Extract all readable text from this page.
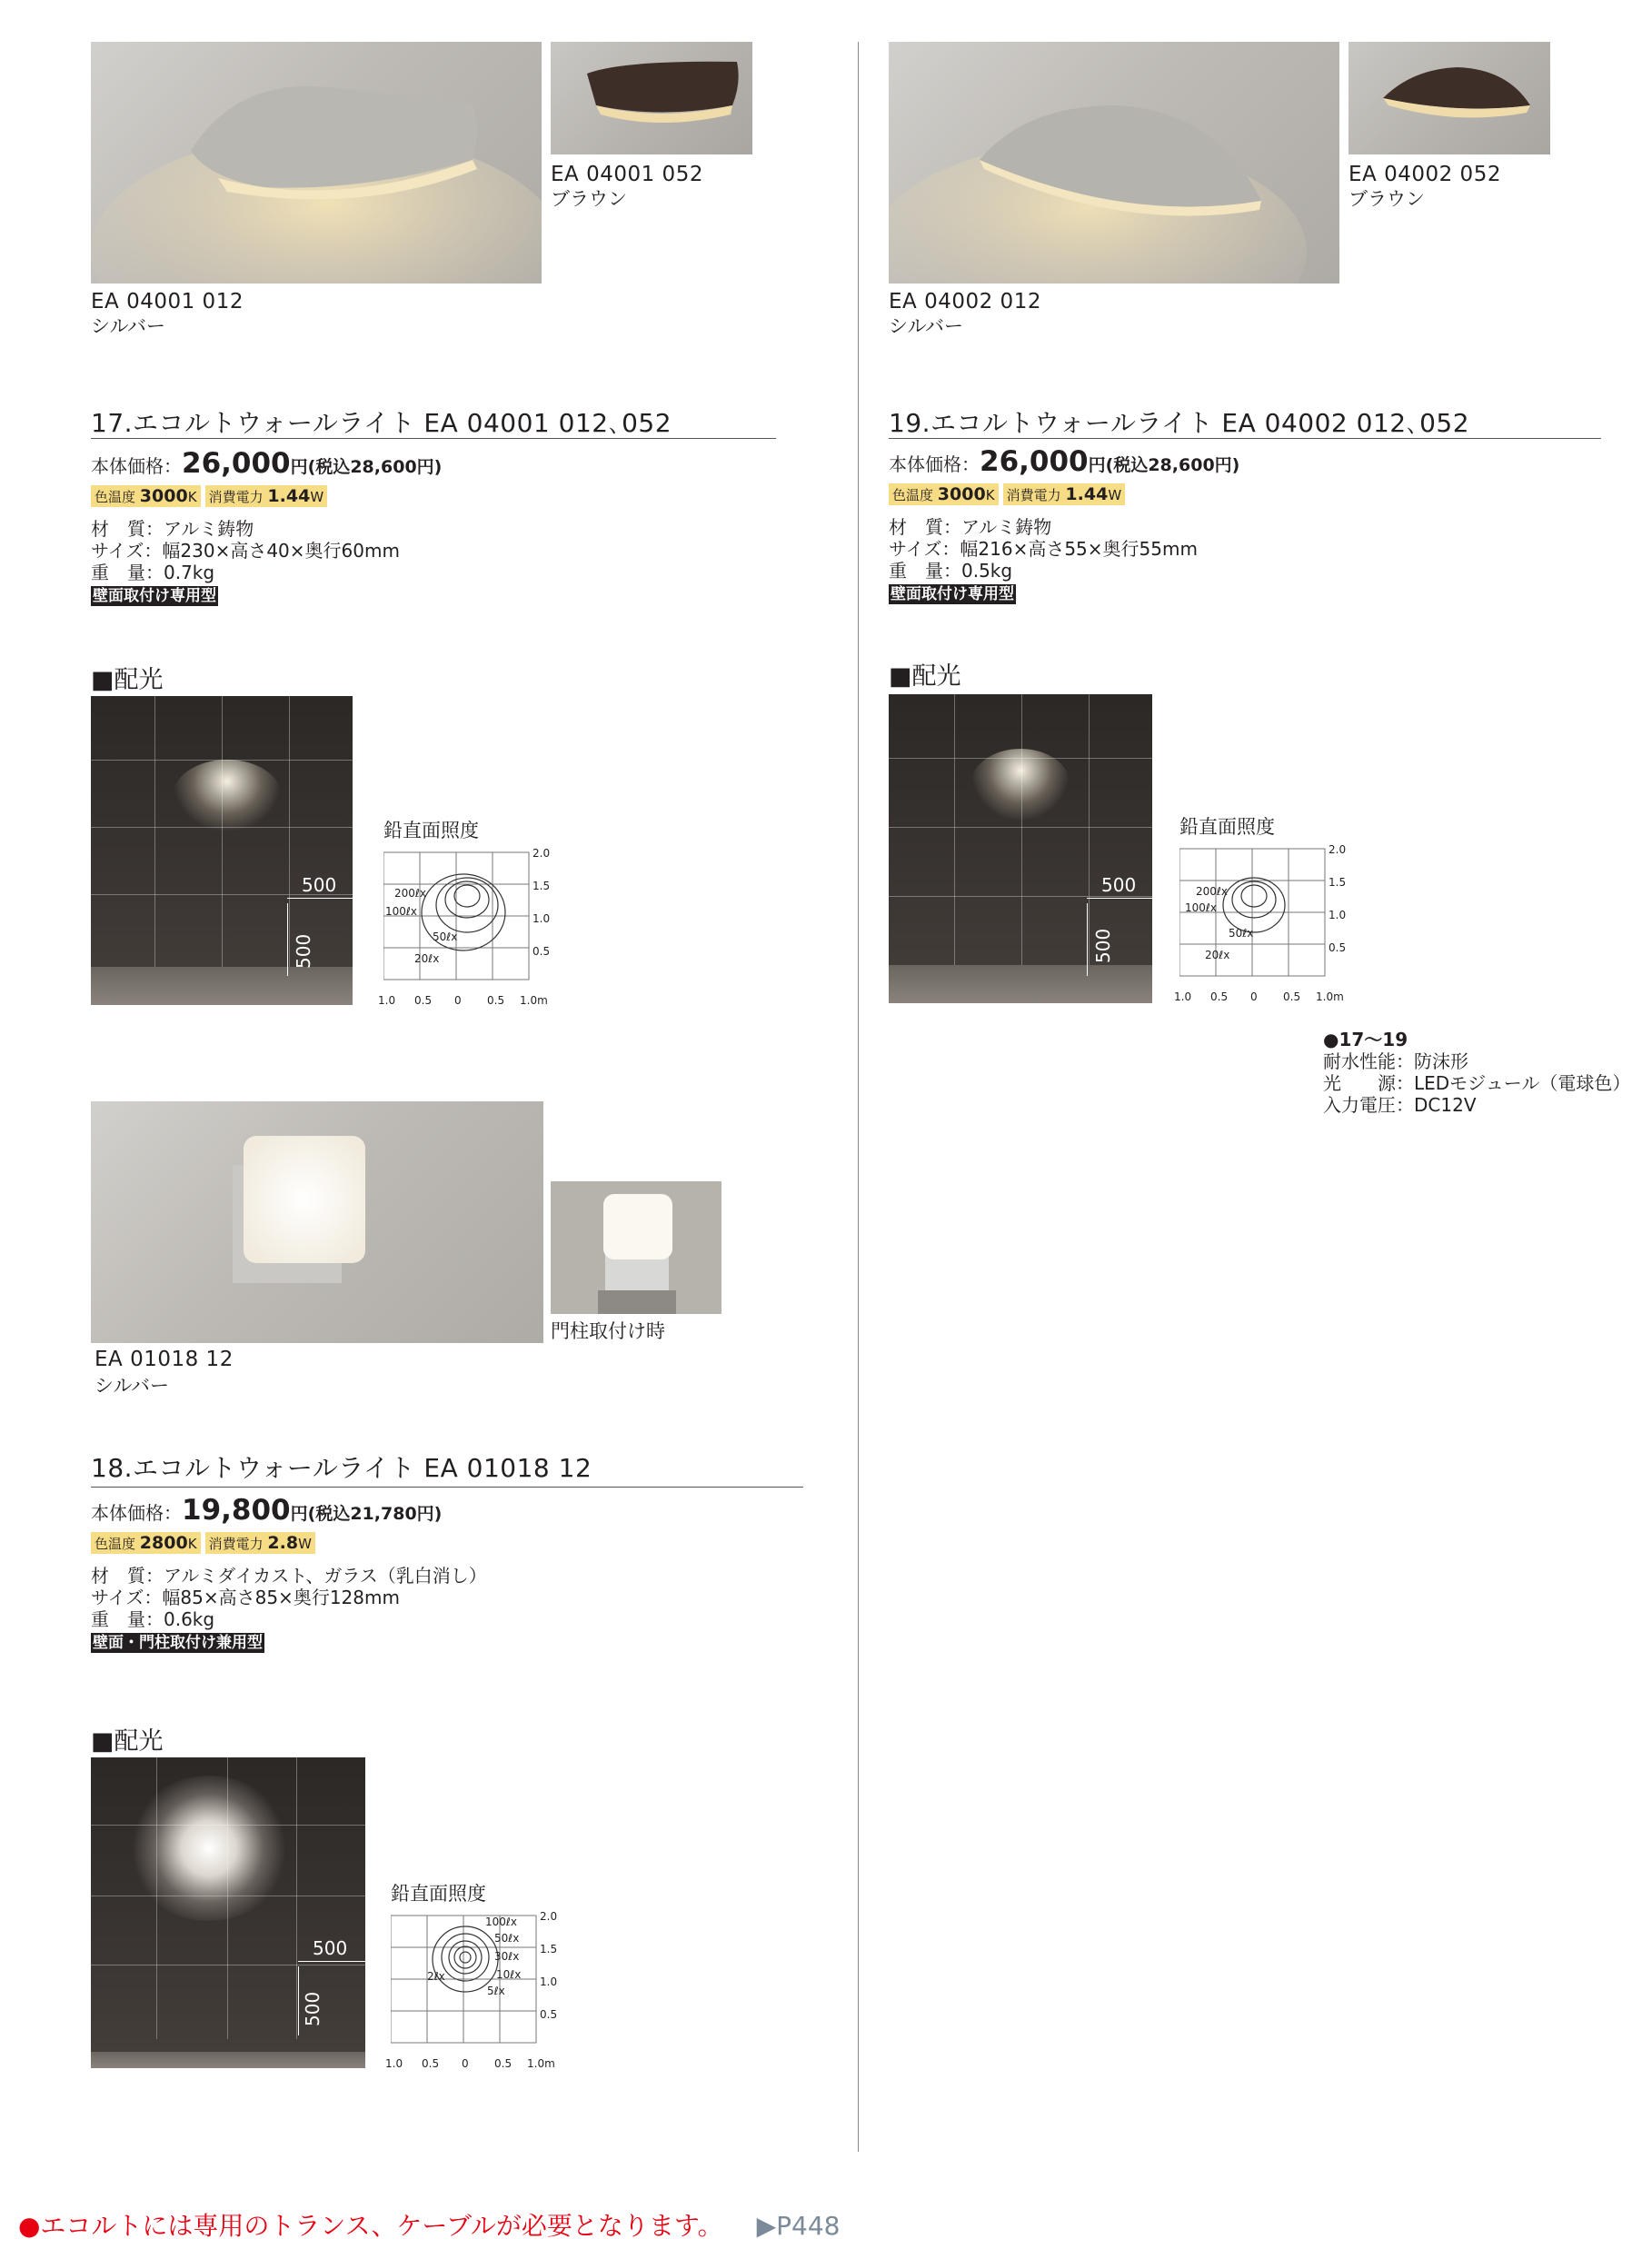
EA 04001 052
ブラウン
EA 04001 012
シルバー
17.エコルトウォールライト EA 04001 012､052
本体価格：26,000円(税込28,600円)
色温度 3000K 消費電力 1.44W
材　質：アルミ鋳物
サイズ：幅230×高さ40×奥行60mm
重　量：0.7kg
壁面取付け専用型
■配光
500
500
鉛直面照度
200ℓx
100ℓx
50ℓx
20ℓx
2.0
1.5
1.0
0.5
1.0 0.5 0 0.5 1.0m
門柱取付け時
EA 01018 12
シルバー
18.エコルトウォールライト EA 01018 12
本体価格：19,800円(税込21,780円)
色温度 2800K 消費電力 2.8W
材　質：アルミダイカスト、ガラス（乳白消し）
サイズ：幅85×高さ85×奥行128mm
重　量：0.6kg
壁面・門柱取付け兼用型
■配光
500
500
鉛直面照度
100ℓx
50ℓx
30ℓx
10ℓx
2ℓx
5ℓx
2.0
1.5
1.0
0.5
1.0 0.5 0 0.5 1.0m
EA 04002 052
ブラウン
EA 04002 012
シルバー
19.エコルトウォールライト EA 04002 012､052
本体価格：26,000円(税込28,600円)
色温度 3000K 消費電力 1.44W
材　質：アルミ鋳物
サイズ：幅216×高さ55×奥行55mm
重　量：0.5kg
壁面取付け専用型
■配光
500
500
鉛直面照度
200ℓx
100ℓx
50ℓx
20ℓx
2.0
1.5
1.0
0.5
1.0 0.5 0 0.5 1.0m
●17〜19
耐水性能：防沫形
光　　源：LEDモジュール（電球色）
入力電圧：DC12V
●エコルトには専用のトランス、ケーブルが必要となります。 ▶P448
